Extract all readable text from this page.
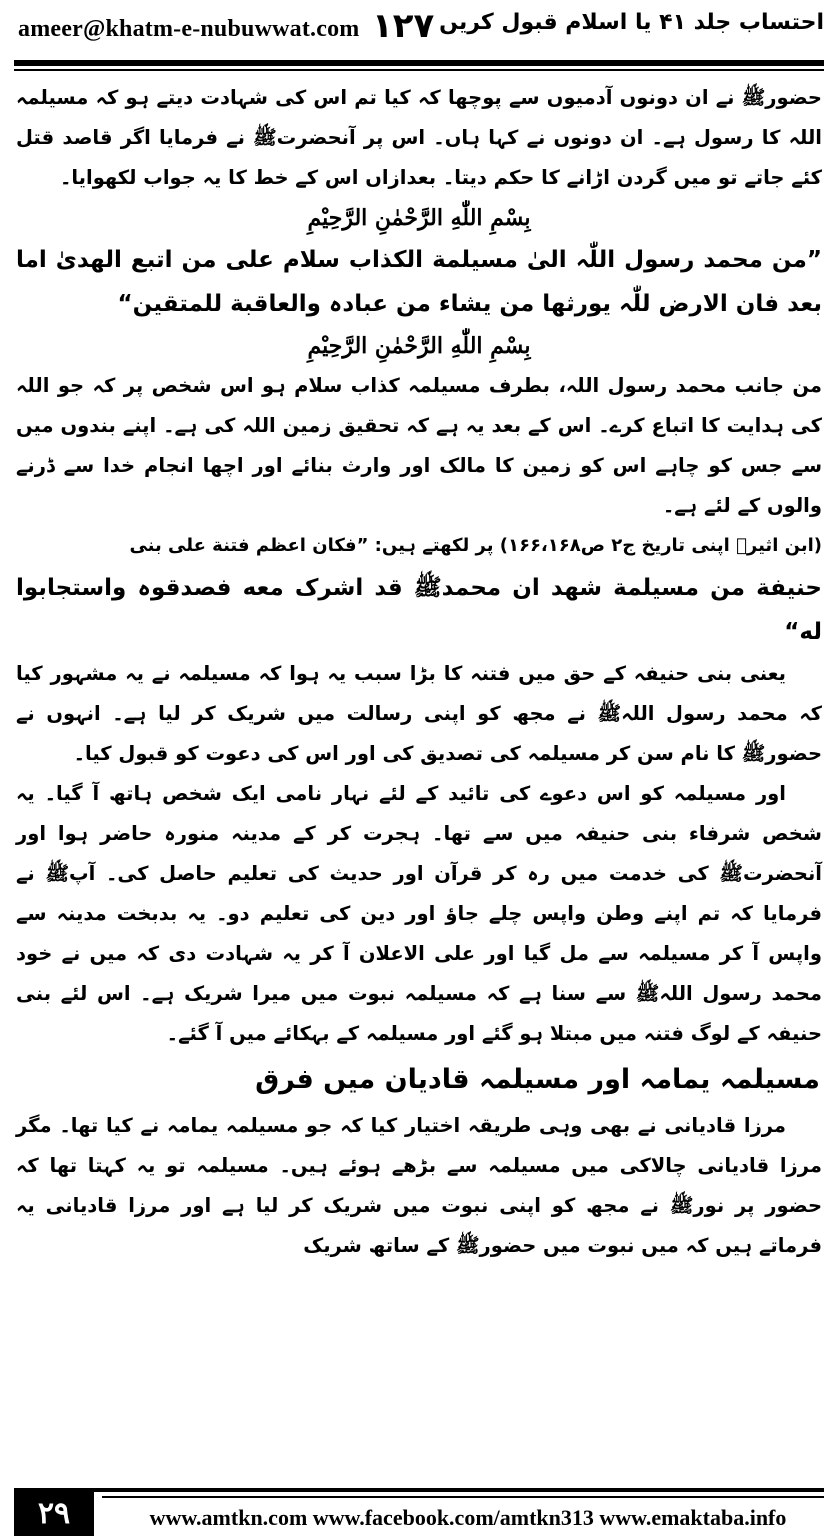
ameer@khatm-e-nubuwwat.com ۱۲۷ احتساب جلد ۴۱ یا اسلام قبول کریں

حضورﷺ نے ان دونوں آدمیوں سے پوچھا کہ کیا تم اس کی شہادت دیتے ہو کہ مسیلمہ اللہ کا رسول ہے۔ ان دونوں نے کہا ہاں۔ اس پر آنحضرتﷺ نے فرمایا اگر قاصد قتل کئے جاتے تو میں گردن اڑانے کا حکم دیتا۔ بعدازاں اس کے خط کا یہ جواب لکھوایا۔

بِسْمِ اللّٰهِ الرَّحْمٰنِ الرَّحِيْمِ

”من محمد رسول اللّٰہ الیٰ مسیلمة الکذاب سلام علی من اتبع الھدیٰ اما بعد فان الارض للّٰہ یورثھا من یشاء من عبادہ والعاقبة للمتقین“

بِسْمِ اللّٰهِ الرَّحْمٰنِ الرَّحِيْمِ

من جانب محمد رسول اللہ، بطرف مسیلمہ کذاب سلام ہو اس شخص پر کہ جو اللہ کی ہدایت کا اتباع کرے۔ اس کے بعد یہ ہے کہ تحقیق زمین اللہ کی ہے۔ اپنے بندوں میں سے جس کو چاہے اس کو زمین کا مالک اور وارث بنائے اور اچھا انجام خدا سے ڈرنے والوں کے لئے ہے۔

(ابن اثیرؒ اپنی تاریخ ج۲ ص۱۶۶،۱۶۸) پر لکھتے ہیں: ”فکان اعظم فتنة علی بنی

حنیفة من مسیلمة شھد ان محمدﷺ قد اشرک معه فصدقوہ واستجابوا له“

یعنی بنی حنیفہ کے حق میں فتنہ کا بڑا سبب یہ ہوا کہ مسیلمہ نے یہ مشہور کیا کہ محمد رسول اللہﷺ نے مجھ کو اپنی رسالت میں شریک کر لیا ہے۔ انہوں نے حضورﷺ کا نام سن کر مسیلمہ کی تصدیق کی اور اس کی دعوت کو قبول کیا۔

اور مسیلمہ کو اس دعوے کی تائید کے لئے نہار نامی ایک شخص ہاتھ آ گیا۔ یہ شخص شرفاء بنی حنیفہ میں سے تھا۔ ہجرت کر کے مدینہ منورہ حاضر ہوا اور آنحضرتﷺ کی خدمت میں رہ کر قرآن اور حدیث کی تعلیم حاصل کی۔ آپﷺ نے فرمایا کہ تم اپنے وطن واپس چلے جاؤ اور دین کی تعلیم دو۔ یہ بدبخت مدینہ سے واپس آ کر مسیلمہ سے مل گیا اور علی الاعلان آ کر یہ شہادت دی کہ میں نے خود محمد رسول اللہﷺ سے سنا ہے کہ مسیلمہ نبوت میں میرا شریک ہے۔ اس لئے بنی حنیفہ کے لوگ فتنہ میں مبتلا ہو گئے اور مسیلمہ کے بہکائے میں آ گئے۔

مسیلمہ یمامہ اور مسیلمہ قادیان میں فرق

مرزا قادیانی نے بھی وہی طریقہ اختیار کیا کہ جو مسیلمہ یمامہ نے کیا تھا۔ مگر مرزا قادیانی چالاکی میں مسیلمہ سے بڑھے ہوئے ہیں۔ مسیلمہ تو یہ کہتا تھا کہ حضور پر نورﷺ نے مجھ کو اپنی نبوت میں شریک کر لیا ہے اور مرزا قادیانی یہ فرماتے ہیں کہ میں نبوت میں حضورﷺ کے ساتھ شریک

۲۹	www.amtkn.com www.facebook.com/amtkn313 www.emaktaba.info
